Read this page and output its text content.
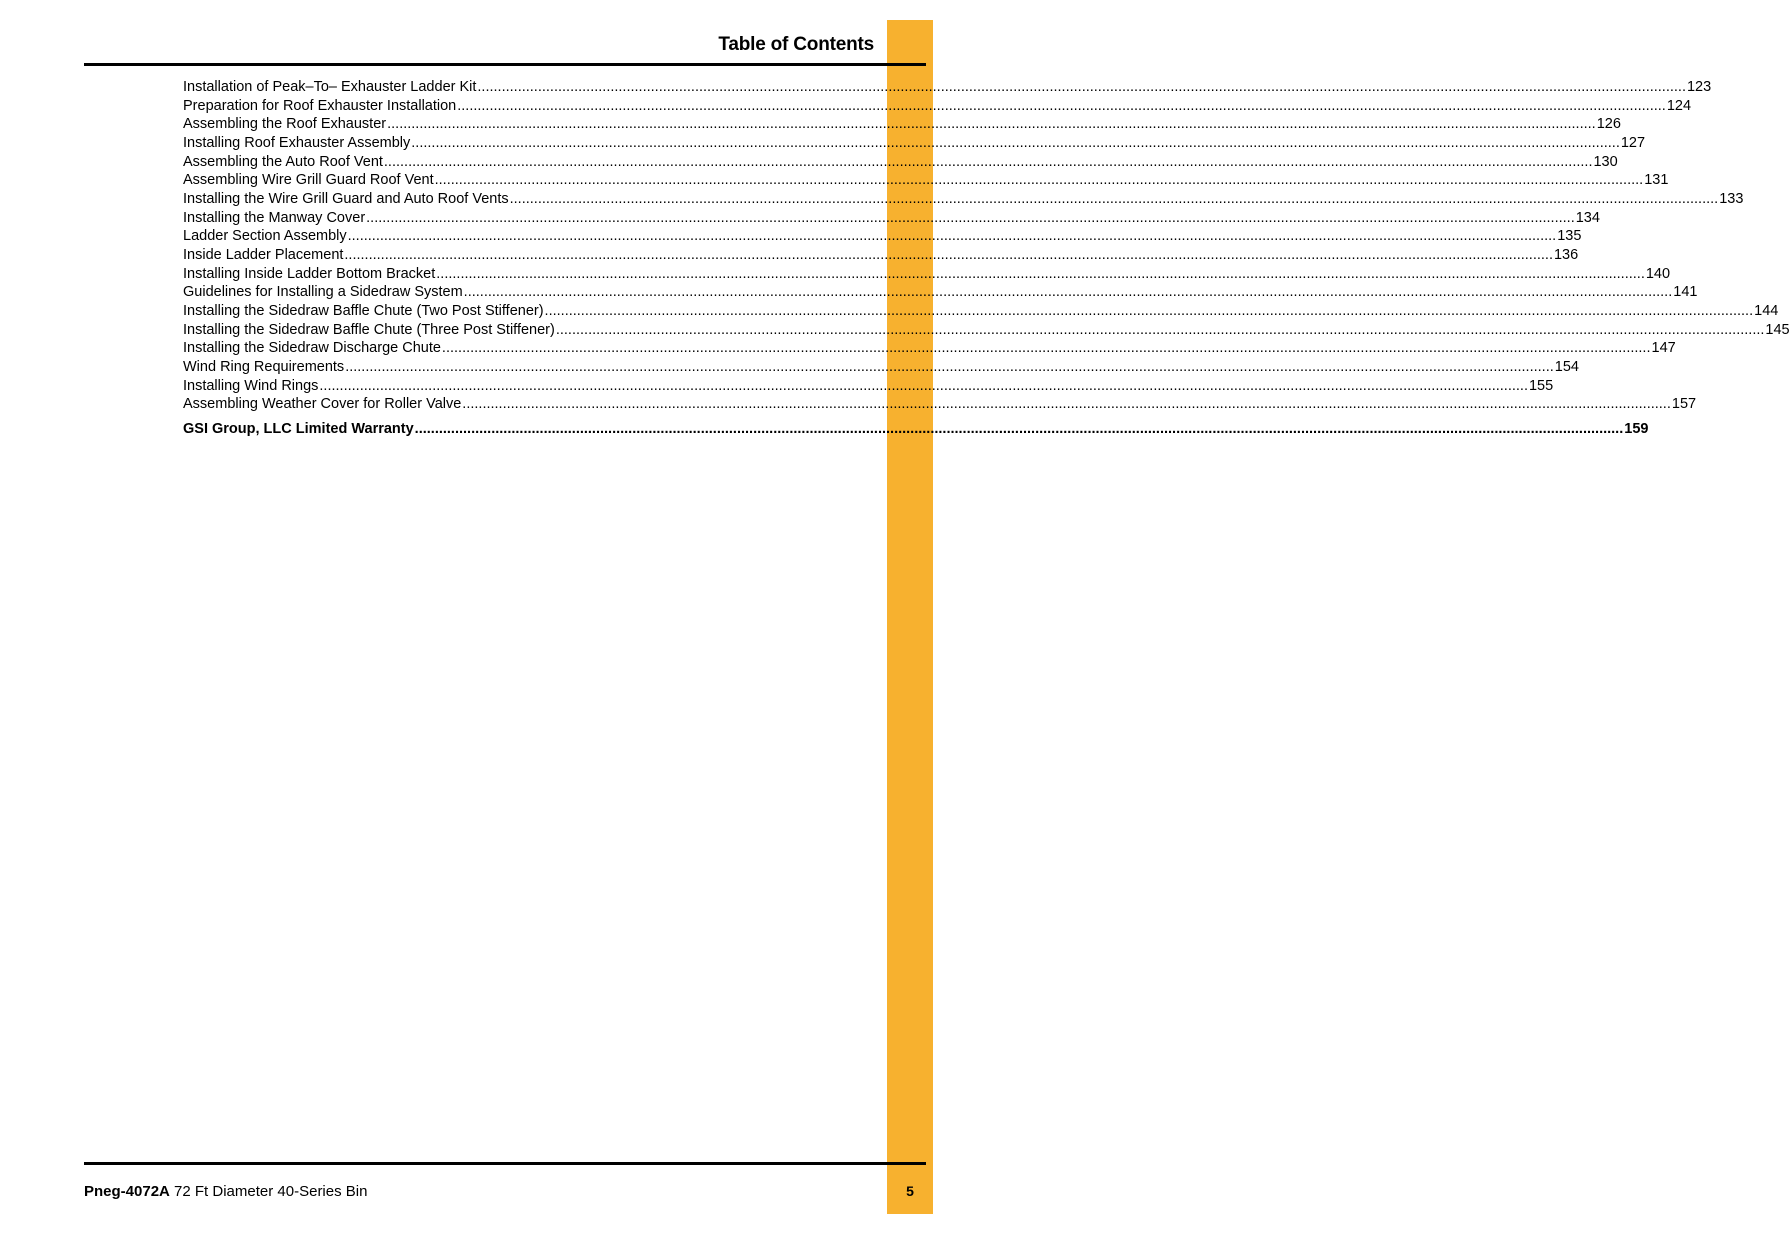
Table of Contents
Installation of Peak–To– Exhauster Ladder Kit ............................................................................................................................................................................................................................................................................................................ 123
Preparation for Roof Exhauster Installation ............................................................................................................................................................................................................................................................................................................ 124
Assembling the Roof Exhauster ............................................................................................................................................................................................................................................................................................................ 126
Installing Roof Exhauster Assembly ............................................................................................................................................................................................................................................................................................................ 127
Assembling the Auto Roof Vent ............................................................................................................................................................................................................................................................................................................ 130
Assembling Wire Grill Guard Roof Vent ............................................................................................................................................................................................................................................................................................................ 131
Installing the Wire Grill Guard and Auto Roof Vents ............................................................................................................................................................................................................................................................................................................ 133
Installing the Manway Cover ............................................................................................................................................................................................................................................................................................................ 134
Ladder Section Assembly ............................................................................................................................................................................................................................................................................................................ 135
Inside Ladder Placement ............................................................................................................................................................................................................................................................................................................ 136
Installing Inside Ladder Bottom Bracket ............................................................................................................................................................................................................................................................................................................ 140
Guidelines for Installing a Sidedraw System ............................................................................................................................................................................................................................................................................................................ 141
Installing the Sidedraw Baffle Chute (Two Post Stiffener) ............................................................................................................................................................................................................................................................................................................ 144
Installing the Sidedraw Baffle Chute (Three Post Stiffener) ............................................................................................................................................................................................................................................................................................................ 145
Installing the Sidedraw Discharge Chute ............................................................................................................................................................................................................................................................................................................ 147
Wind Ring Requirements ............................................................................................................................................................................................................................................................................................................ 154
Installing Wind Rings ............................................................................................................................................................................................................................................................................................................ 155
Assembling Weather Cover for Roller Valve ............................................................................................................................................................................................................................................................................................................ 157
GSI Group, LLC Limited Warranty ............................................................................................................................................................................................................................................................................................................ 159
Pneg-4072A 72 Ft Diameter 40-Series Bin	5
